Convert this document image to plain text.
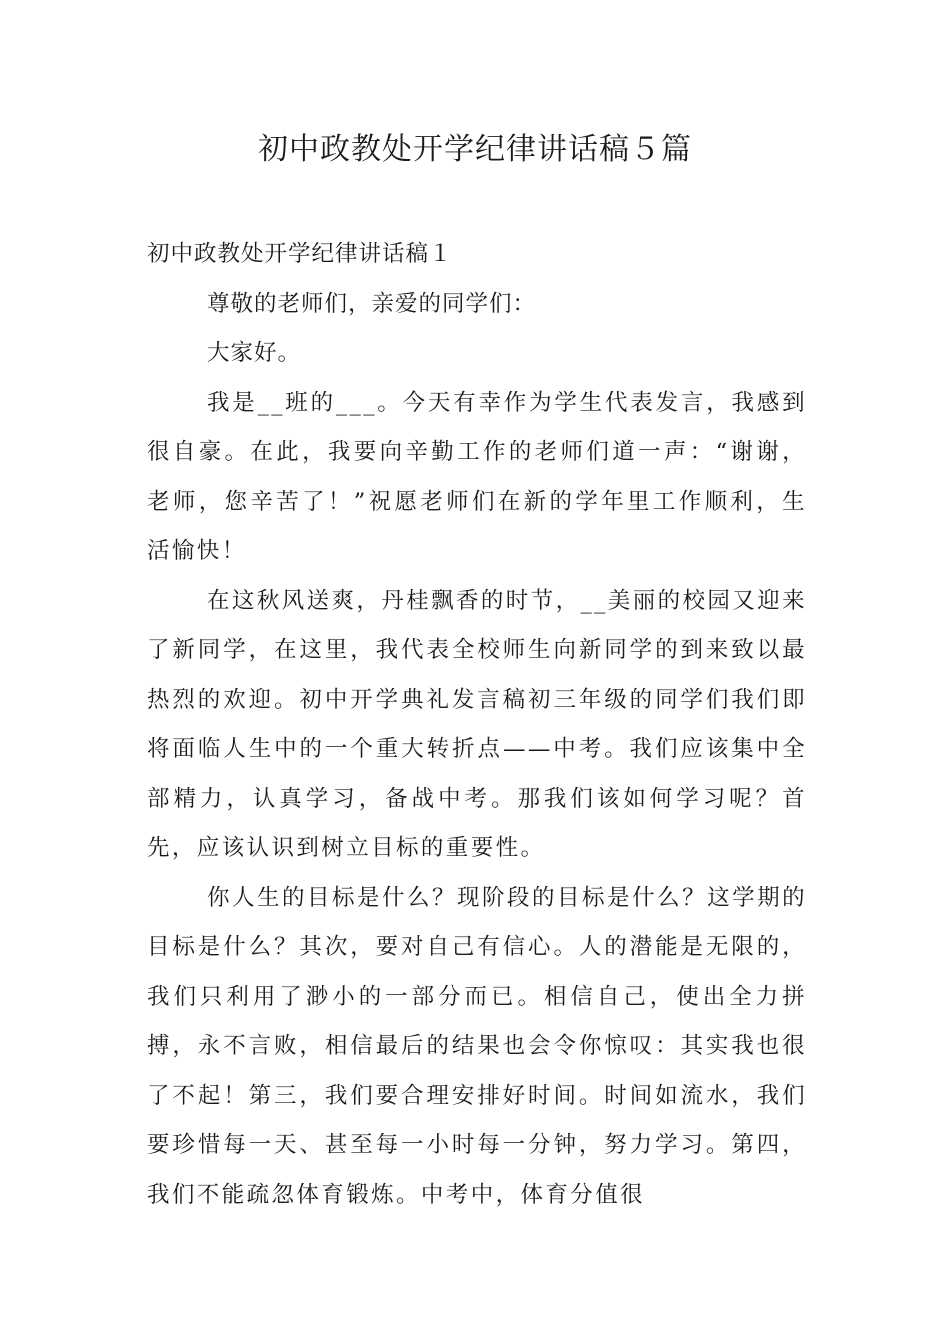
初中政教处开学纪律讲话稿５篇
初中政教处开学纪律讲话稿１

尊敬的老师们，亲爱的同学们：

大家好。

我是__班的___。今天有幸作为学生代表发言，我感到很自豪。在此，我要向辛勤工作的老师们道一声：“谢谢，老师，您辛苦了！”祝愿老师们在新的学年里工作顺利，生活愉快！

在这秋风送爽，丹桂飘香的时节，__美丽的校园又迎来了新同学，在这里，我代表全校师生向新同学的到来致以最热烈的欢迎。初中开学典礼发言稿初三年级的同学们我们即将面临人生中的一个重大转折点——中考。我们应该集中全部精力，认真学习，备战中考。那我们该如何学习呢？首先，应该认识到树立目标的重要性。

你人生的目标是什么？现阶段的目标是什么？这学期的目标是什么？其次，要对自己有信心。人的潜能是无限的，我们只利用了渺小的一部分而已。相信自己，使出全力拼搏，永不言败，相信最后的结果也会令你惊叹：其实我也很了不起！第三，我们要合理安排好时间。时间如流水，我们要珍惜每一天、甚至每一小时每一分钟，努力学习。第四，我们不能疏忽体育锻炼。中考中，体育分值很
